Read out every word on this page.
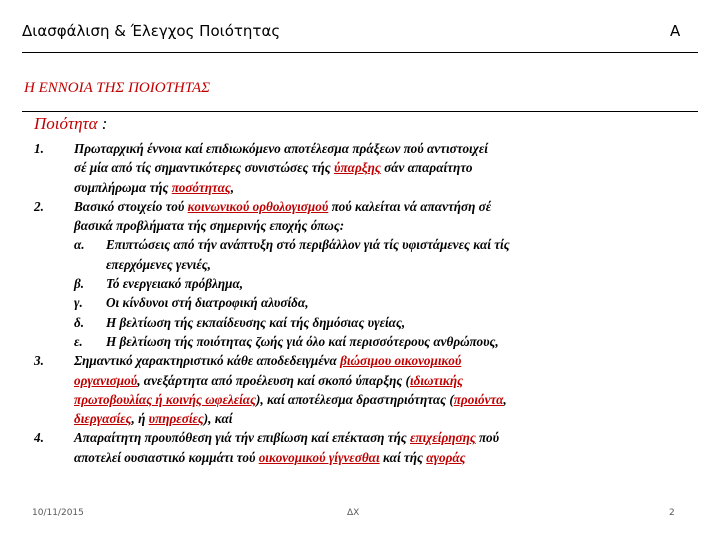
Διασφάλιση & Έλεγχος Ποιότητας	Α
Η ΕΝΝΟΙΑ ΤΗΣ ΠΟΙΟΤΗΤΑΣ
Ποιότητα :

1. Πρωταρχική έννοια καί επιδιωκόμενο αποτέλεσμα πράξεων πού αντιστοιχεί
σέ μία από τίς σημαντικότερες συνιστώσες τής ύπαρξης σάν απαραίτητο
συμπλήρωμα τής ποσότητας,

2. Βασικό στοιχείο τού κοινωνικού ορθολογισμού πού καλείται νά απαντήση σέ
βασικά προβλήματα τής σημερινής εποχής όπως:

α. Επιπτώσεις από τήν ανάπτυξη στό περιβάλλον γιά τίς υφιστάμενες καί τίς
επερχόμενες γενιές,

β. Τό ενεργειακό πρόβλημα,

γ. Οι κίνδυνοι στή διατροφική αλυσίδα,

δ. Η βελτίωση τής εκπαίδευσης καί τής δημόσιας υγείας,

ε. Η βελτίωση τής ποιότητας ζωής γιά όλο καί περισσότερους ανθρώπους,

3. Σημαντικό χαρακτηριστικό κάθε αποδεδειγμένα βιώσιμου οικονομικού
οργανισμού, ανεξάρτητα από προέλευση καί σκοπό ύπαρξης (ιδιωτικής
πρωτοβουλίας ή κοινής ωφελείας), καί αποτέλεσμα δραστηριότητας (προιόντα,
διεργασίες, ή υπηρεσίες), καί

4. Απαραίτητη προυπόθεση γιά τήν επιβίωση καί επέκταση τής επιχείρησης πού
αποτελεί ουσιαστικό κομμάτι τού οικονομικού γίγνεσθαι καί τής αγοράς

10/11/2015	ΔΧ	2
